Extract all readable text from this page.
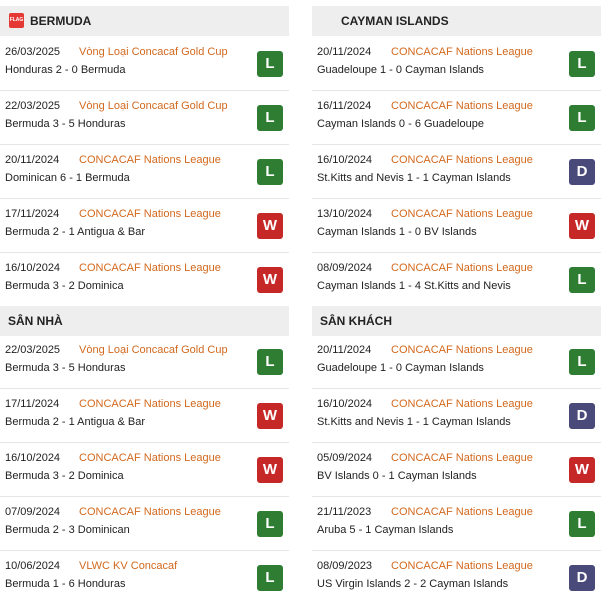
FLAG BERMUDA
26/03/2025 Vòng Loại Concacaf Gold Cup
Honduras 2 - 0 Bermuda	L
22/03/2025 Vòng Loại Concacaf Gold Cup
Bermuda 3 - 5 Honduras	L
20/11/2024 CONCACAF Nations League
Dominican 6 - 1 Bermuda	L
17/11/2024 CONCACAF Nations League
Bermuda 2 - 1 Antigua & Bar	W
16/10/2024 CONCACAF Nations League
Bermuda 3 - 2 Dominica	W
SÂN NHÀ
22/03/2025 Vòng Loại Concacaf Gold Cup
Bermuda 3 - 5 Honduras	L
17/11/2024 CONCACAF Nations League
Bermuda 2 - 1 Antigua & Bar	W
16/10/2024 CONCACAF Nations League
Bermuda 3 - 2 Dominica	W
07/09/2024 CONCACAF Nations League
Bermuda 2 - 3 Dominican	L
10/06/2024 VLWC KV Concacaf
Bermuda 1 - 6 Honduras	L
CAYMAN ISLANDS
20/11/2024 CONCACAF Nations League
Guadeloupe 1 - 0 Cayman Islands	L
16/11/2024 CONCACAF Nations League
Cayman Islands 0 - 6 Guadeloupe	L
16/10/2024 CONCACAF Nations League
St.Kitts and Nevis 1 - 1 Cayman Islands	D
13/10/2024 CONCACAF Nations League
Cayman Islands 1 - 0 BV Islands	W
08/09/2024 CONCACAF Nations League
Cayman Islands 1 - 4 St.Kitts and Nevis	L
SÂN KHÁCH
20/11/2024 CONCACAF Nations League
Guadeloupe 1 - 0 Cayman Islands	L
16/10/2024 CONCACAF Nations League
St.Kitts and Nevis 1 - 1 Cayman Islands	D
05/09/2024 CONCACAF Nations League
BV Islands 0 - 1 Cayman Islands	W
21/11/2023 CONCACAF Nations League
Aruba 5 - 1 Cayman Islands	L
08/09/2023 CONCACAF Nations League
US Virgin Islands 2 - 2 Cayman Islands	D
